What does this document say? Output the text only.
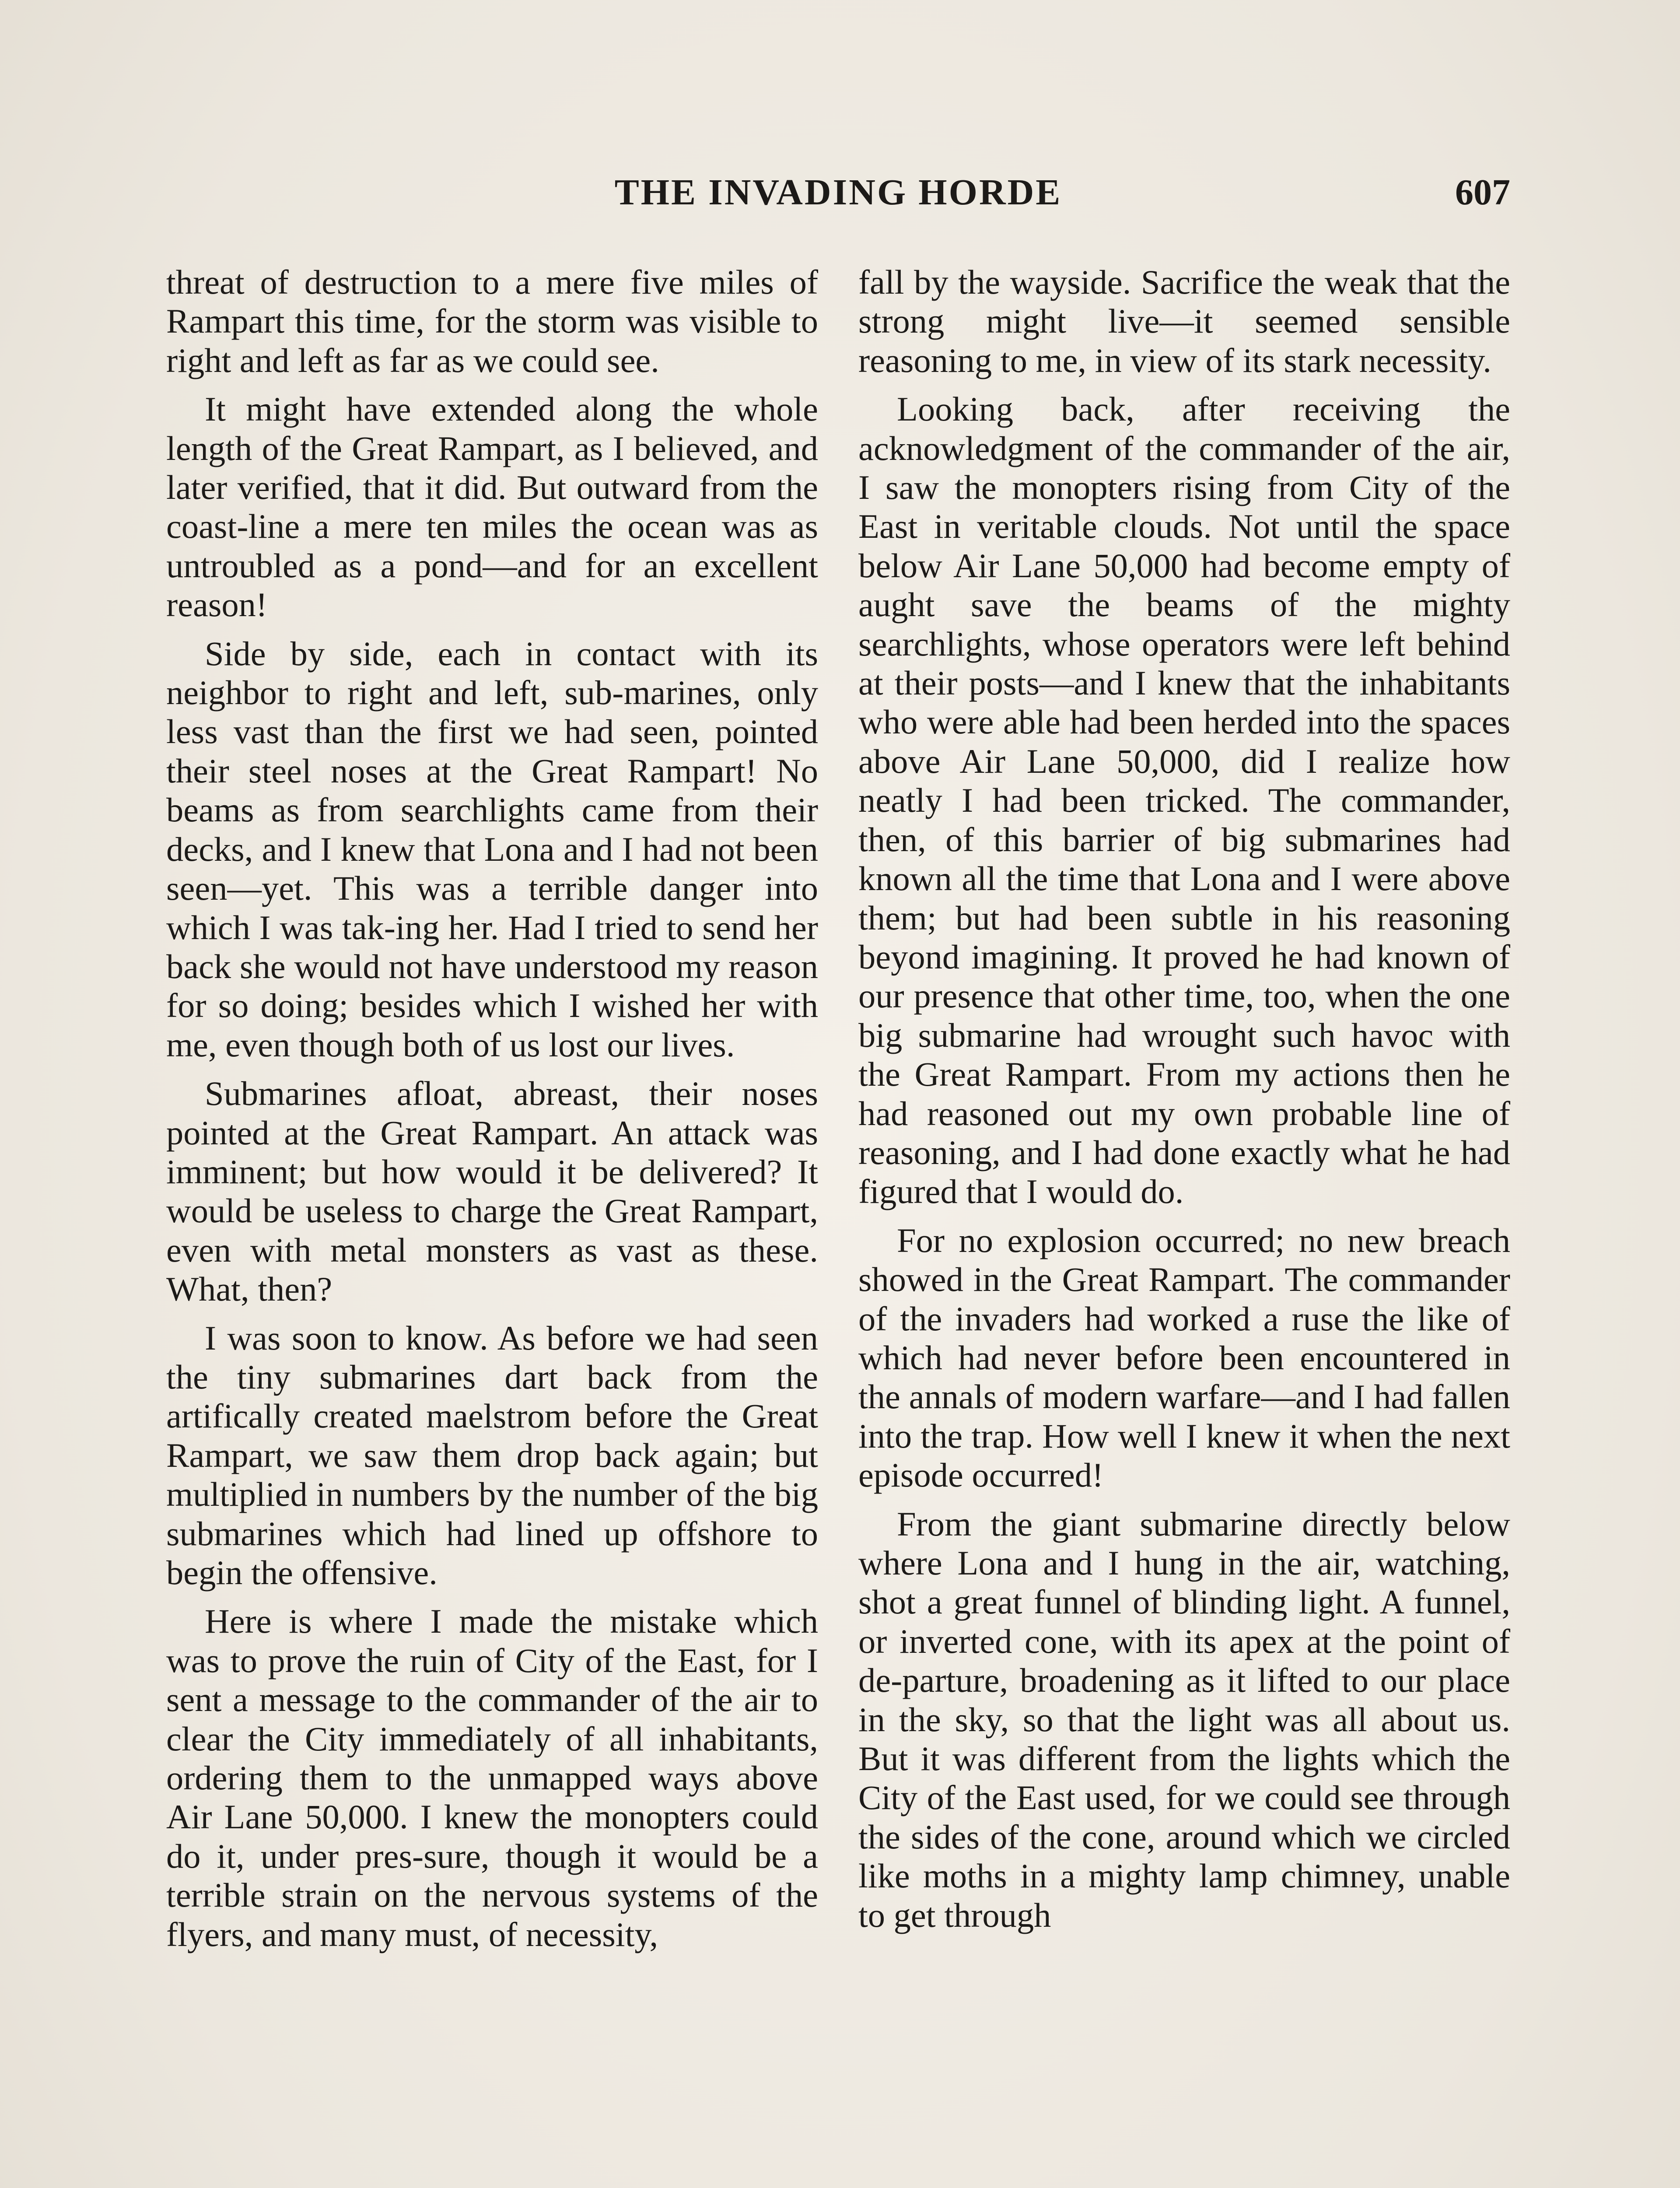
THE INVADING HORDE	607

threat of destruction to a mere five miles of Rampart this time, for the storm was visible to right and left as far as we could see.

It might have extended along the whole length of the Great Rampart, as I believed, and later verified, that it did. But outward from the coast-line a mere ten miles the ocean was as untroubled as a pond—and for an excellent reason!

Side by side, each in contact with its neighbor to right and left, sub-marines, only less vast than the first we had seen, pointed their steel noses at the Great Rampart! No beams as from searchlights came from their decks, and I knew that Lona and I had not been seen—yet. This was a terrible danger into which I was tak-ing her. Had I tried to send her back she would not have understood my reason for so doing; besides which I wished her with me, even though both of us lost our lives.

Submarines afloat, abreast, their noses pointed at the Great Rampart. An attack was imminent; but how would it be delivered? It would be useless to charge the Great Rampart, even with metal monsters as vast as these. What, then?

I was soon to know. As before we had seen the tiny submarines dart back from the artifically created maelstrom before the Great Rampart, we saw them drop back again; but multiplied in numbers by the number of the big submarines which had lined up offshore to begin the offensive.

Here is where I made the mistake which was to prove the ruin of City of the East, for I sent a message to the commander of the air to clear the City immediately of all inhabitants, ordering them to the unmapped ways above Air Lane 50,000. I knew the monopters could do it, under pres-sure, though it would be a terrible strain on the nervous systems of the flyers, and many must, of necessity,

fall by the wayside. Sacrifice the weak that the strong might live—it seemed sensible reasoning to me, in view of its stark necessity.

Looking back, after receiving the acknowledgment of the commander of the air, I saw the monopters rising from City of the East in veritable clouds. Not until the space below Air Lane 50,000 had become empty of aught save the beams of the mighty searchlights, whose operators were left behind at their posts—and I knew that the inhabitants who were able had been herded into the spaces above Air Lane 50,000, did I realize how neatly I had been tricked. The commander, then, of this barrier of big submarines had known all the time that Lona and I were above them; but had been subtle in his reasoning beyond imagining. It proved he had known of our presence that other time, too, when the one big submarine had wrought such havoc with the Great Rampart. From my actions then he had reasoned out my own probable line of reasoning, and I had done exactly what he had figured that I would do.

For no explosion occurred; no new breach showed in the Great Rampart. The commander of the invaders had worked a ruse the like of which had never before been encountered in the annals of modern warfare—and I had fallen into the trap. How well I knew it when the next episode occurred!

From the giant submarine directly below where Lona and I hung in the air, watching, shot a great funnel of blinding light. A funnel, or inverted cone, with its apex at the point of de-parture, broadening as it lifted to our place in the sky, so that the light was all about us. But it was different from the lights which the City of the East used, for we could see through the sides of the cone, around which we circled like moths in a mighty lamp chimney, unable to get through
